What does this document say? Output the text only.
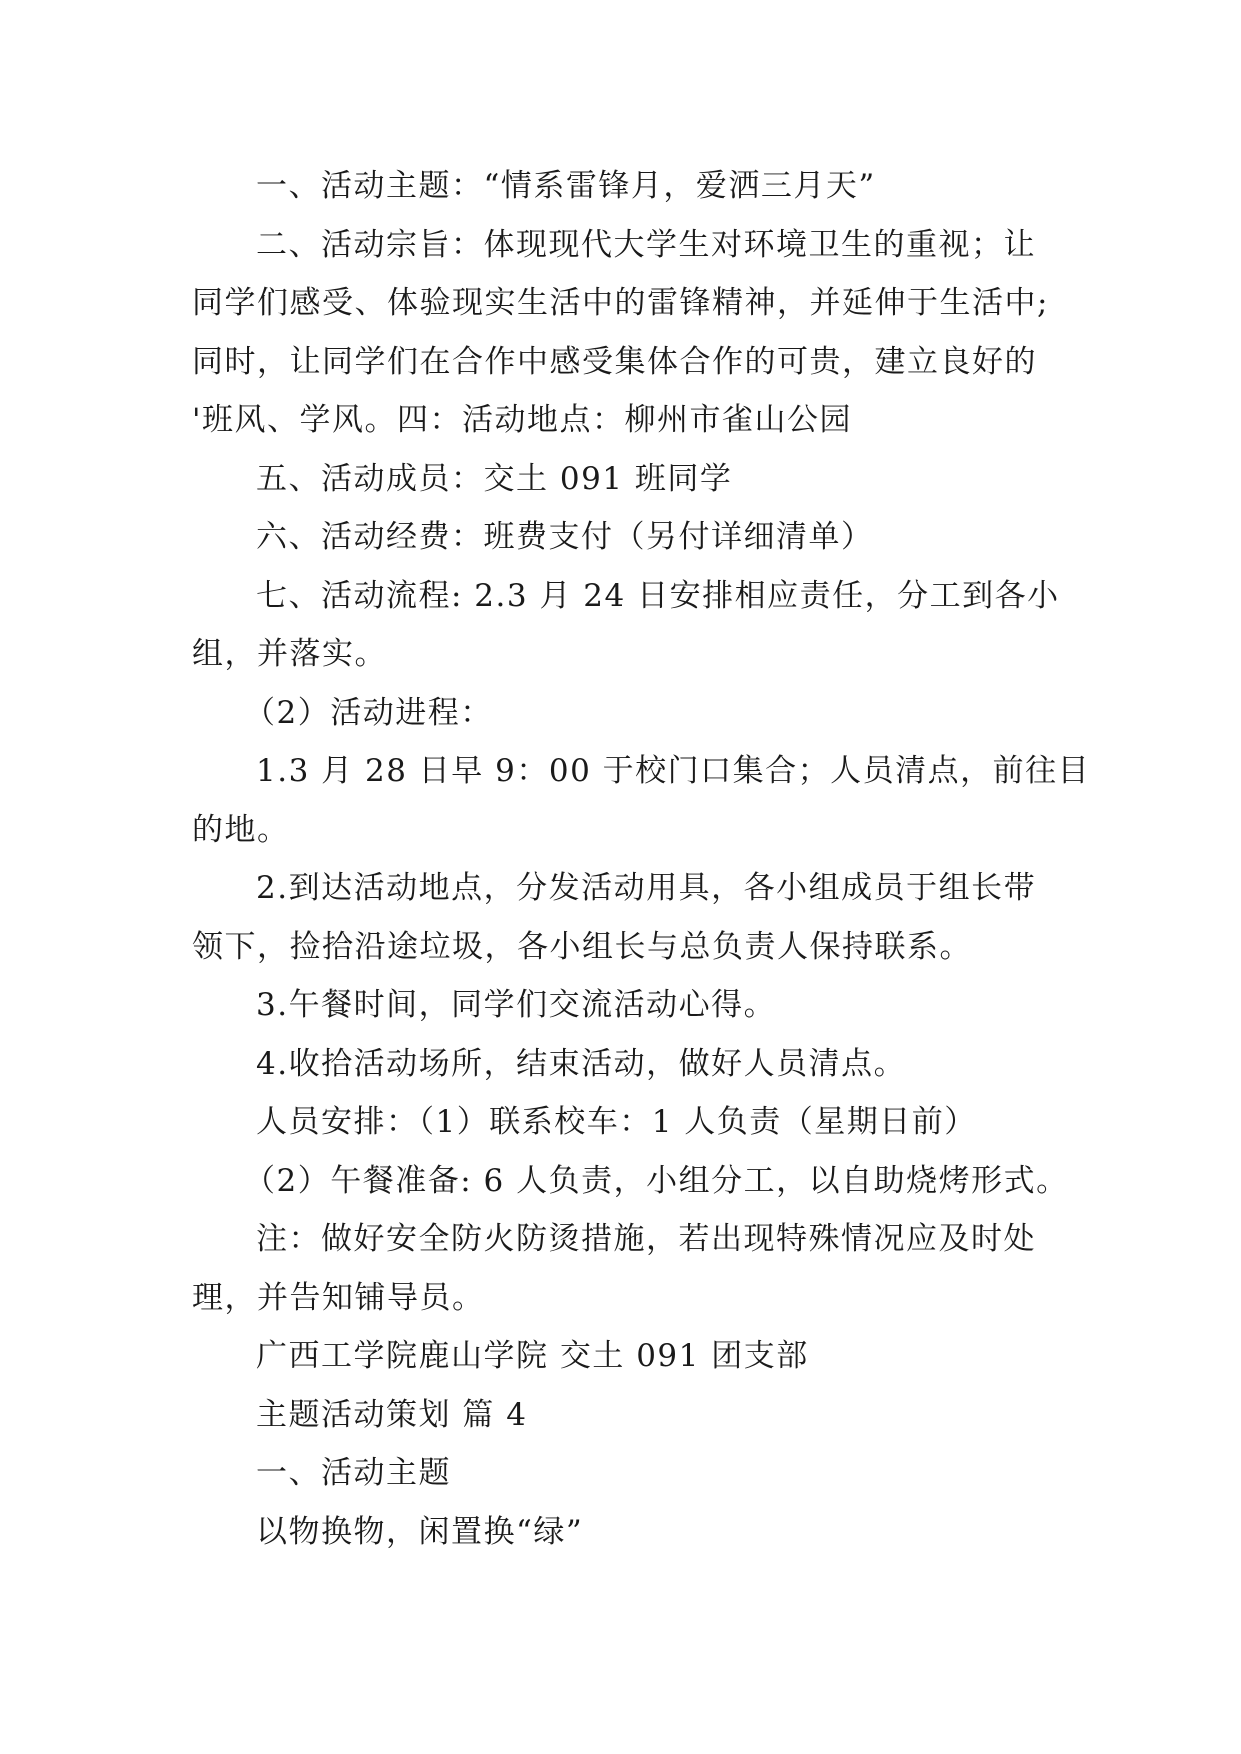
一、活动主题：“情系雷锋月，爱洒三月天”

二、活动宗旨：体现现代大学生对环境卫生的重视；让

同学们感受、体验现实生活中的雷锋精神，并延伸于生活中;

同时，让同学们在合作中感受集体合作的可贵，建立良好的

'班风、学风。四：活动地点：柳州市雀山公园

五、活动成员：交土 091 班同学

六、活动经费：班费支付（另付详细清单）

七、活动流程: 2.3 月 24 日安排相应责任，分工到各小

组，并落实。

（2）活动进程：

1.3 月 28 日早 9：00 于校门口集合；人员清点，前往目

的地。

2.到达活动地点，分发活动用具，各小组成员于组长带

领下，捡拾沿途垃圾，各小组长与总负责人保持联系。

3.午餐时间，同学们交流活动心得。

4.收拾活动场所，结束活动，做好人员清点。

人员安排：（1）联系校车：1 人负责（星期日前）

（2）午餐准备: 6 人负责，小组分工，以自助烧烤形式。

注：做好安全防火防烫措施，若出现特殊情况应及时处

理，并告知铺导员。

广西工学院鹿山学院 交土 091 团支部

主题活动策划 篇 4

一、活动主题

以物换物，闲置换“绿”
